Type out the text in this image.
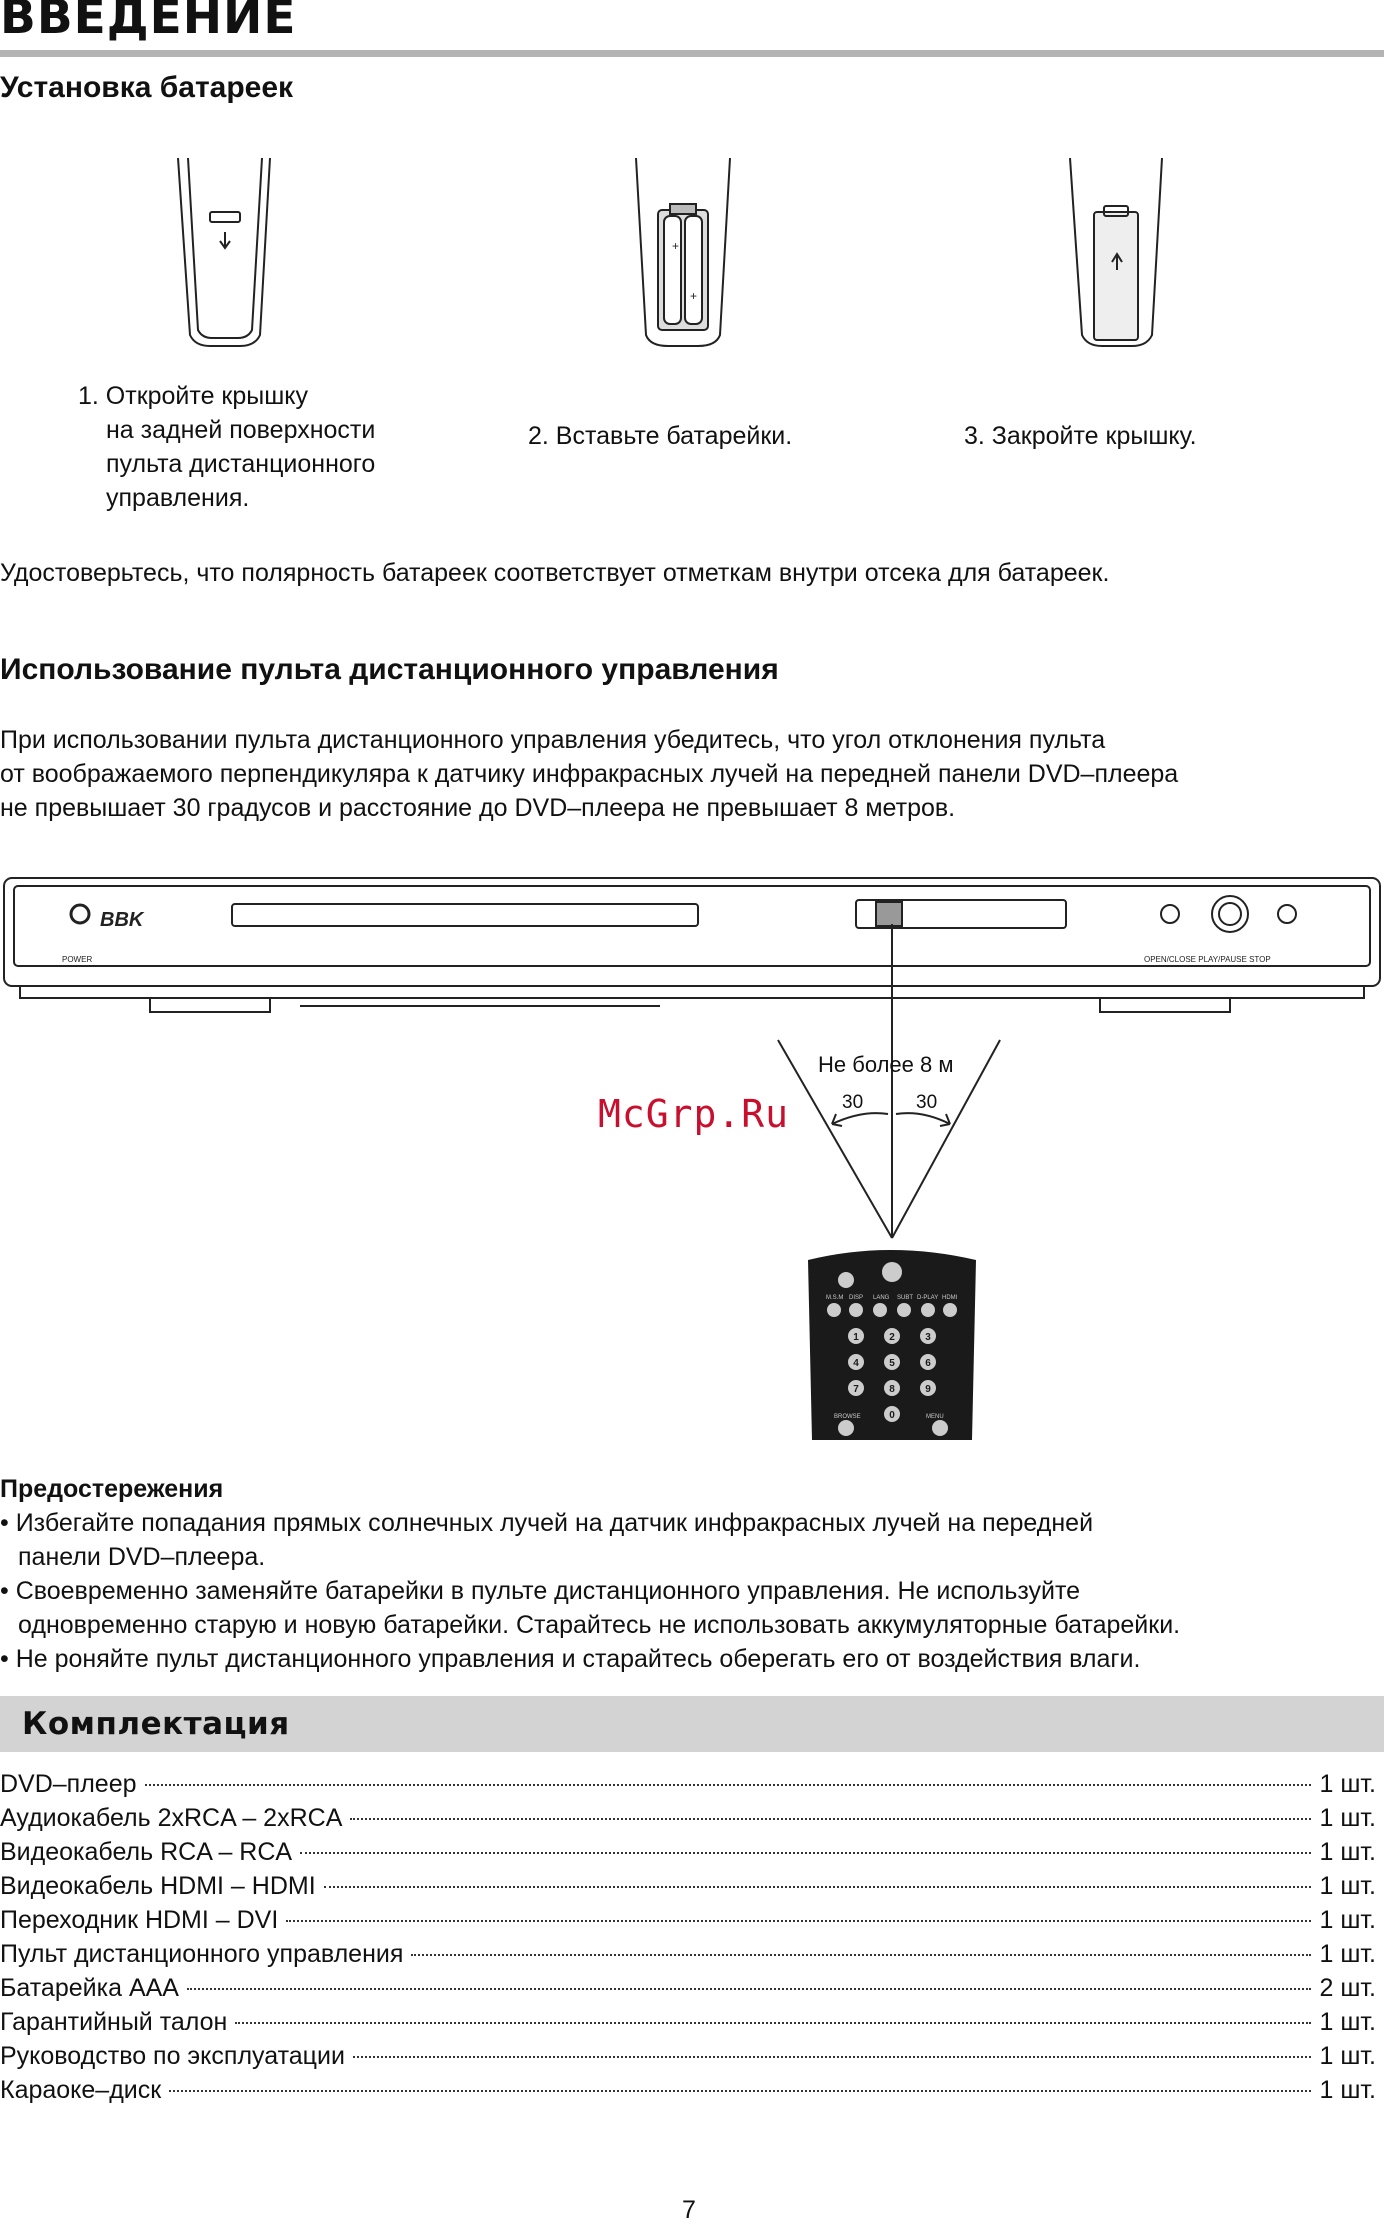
ВВЕДЕНИЕ
Установка батареек
+
+
1. Откройте крышку
на задней поверхности
пульта дистанционного
управления.
2. Вставьте батарейки.	3. Закройте крышку.
Удостоверьтесь, что полярность батареек соответствует отметкам внутри отсека для батареек.
Использование пульта дистанционного управления
При использовании пульта дистанционного управления убедитесь, что угол отклонения пульта
от воображаемого перпендикуляра к датчику инфракрасных лучей на передней панели DVD–плеера
не превышает 30 градусов и расстояние до DVD–плеера не превышает 8 метров.
BBK
POWER	OPEN/CLOSE PLAY/PAUSE STOP
Не более 8 м
30	30
M.S.M DISP LANG SUBT D-PLAY HDMI
1	2	3
4	5	6
7	8	9
0
BROWSE	MENU
McGrp.Ru
Предостережения
• Избегайте попадания прямых солнечных лучей на датчик инфракрасных лучей на передней
панели DVD–плеера.
• Своевременно заменяйте батарейки в пульте дистанционного управления. Не используйте
одновременно старую и новую батарейки. Старайтесь не использовать аккумуляторные батарейки.
• Не роняйте пульт дистанционного управления и старайтесь оберегать его от воздействия влаги.
Комплектация
DVD–плеер	1 шт.
Аудиокабель 2xRCA – 2xRCA	1 шт.
Видеокабель RCA – RCA	1 шт.
Видеокабель HDMI – HDMI	1 шт.
Переходник HDMI – DVI	1 шт.
Пульт дистанционного управления	1 шт.
Батарейка AAA	2 шт.
Гарантийный талон	1 шт.
Руководство по эксплуатации	1 шт.
Караоке–диск	1 шт.
7
